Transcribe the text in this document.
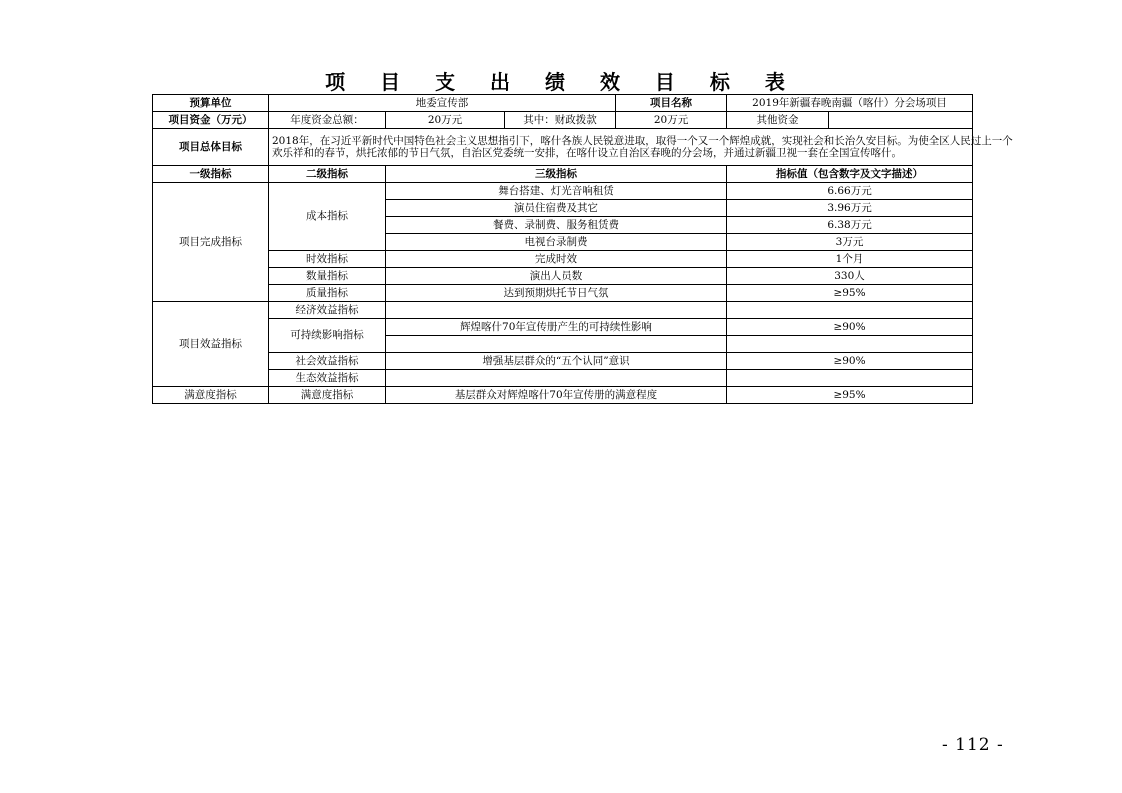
项 目 支 出 绩 效 目 标 表
预算单位	地委宣传部			项目名称	2019年新疆春晚南疆（喀什）分会场项目	
项目资金（万元）	年度资金总额：	20万元	其中：财政拨款	20万元	其他资金	
项目总体目标	2018年，在习近平新时代中国特色社会主义思想指引下，喀什各族人民锐意进取，取得一个又一个辉煌成就，实现社会和长治久安目标。为使全区人民过上一个欢乐祥和的春节，烘托浓郁的节日气氛，自治区党委统一安排，在喀什设立自治区春晚的分会场，并通过新疆卫视一套在全国宣传喀什。					

一级指标	二级指标	三级指标			指标值（包含数字及文字描述）	
项目完成指标	成本指标	舞台搭建、灯光音响租赁			6.66万元	
		演员住宿费及其它			3.96万元	
		餐费、录制费、服务租赁费			6.38万元	
		电视台录制费			3万元	
	时效指标	完成时效			1个月	
	数量指标	演出人员数			330人	
	质量指标	达到预期烘托节日气氛			≥95%	
项目效益指标	经济效益指标					
	可持续影响指标	辉煌喀什70年宣传册产生的可持续性影响			≥90%	

	社会效益指标	增强基层群众的“五个认同”意识			≥90%	
	生态效益指标					
满意度指标	满意度指标	基层群众对辉煌喀什70年宣传册的满意程度			≥95%	
- 112 -
